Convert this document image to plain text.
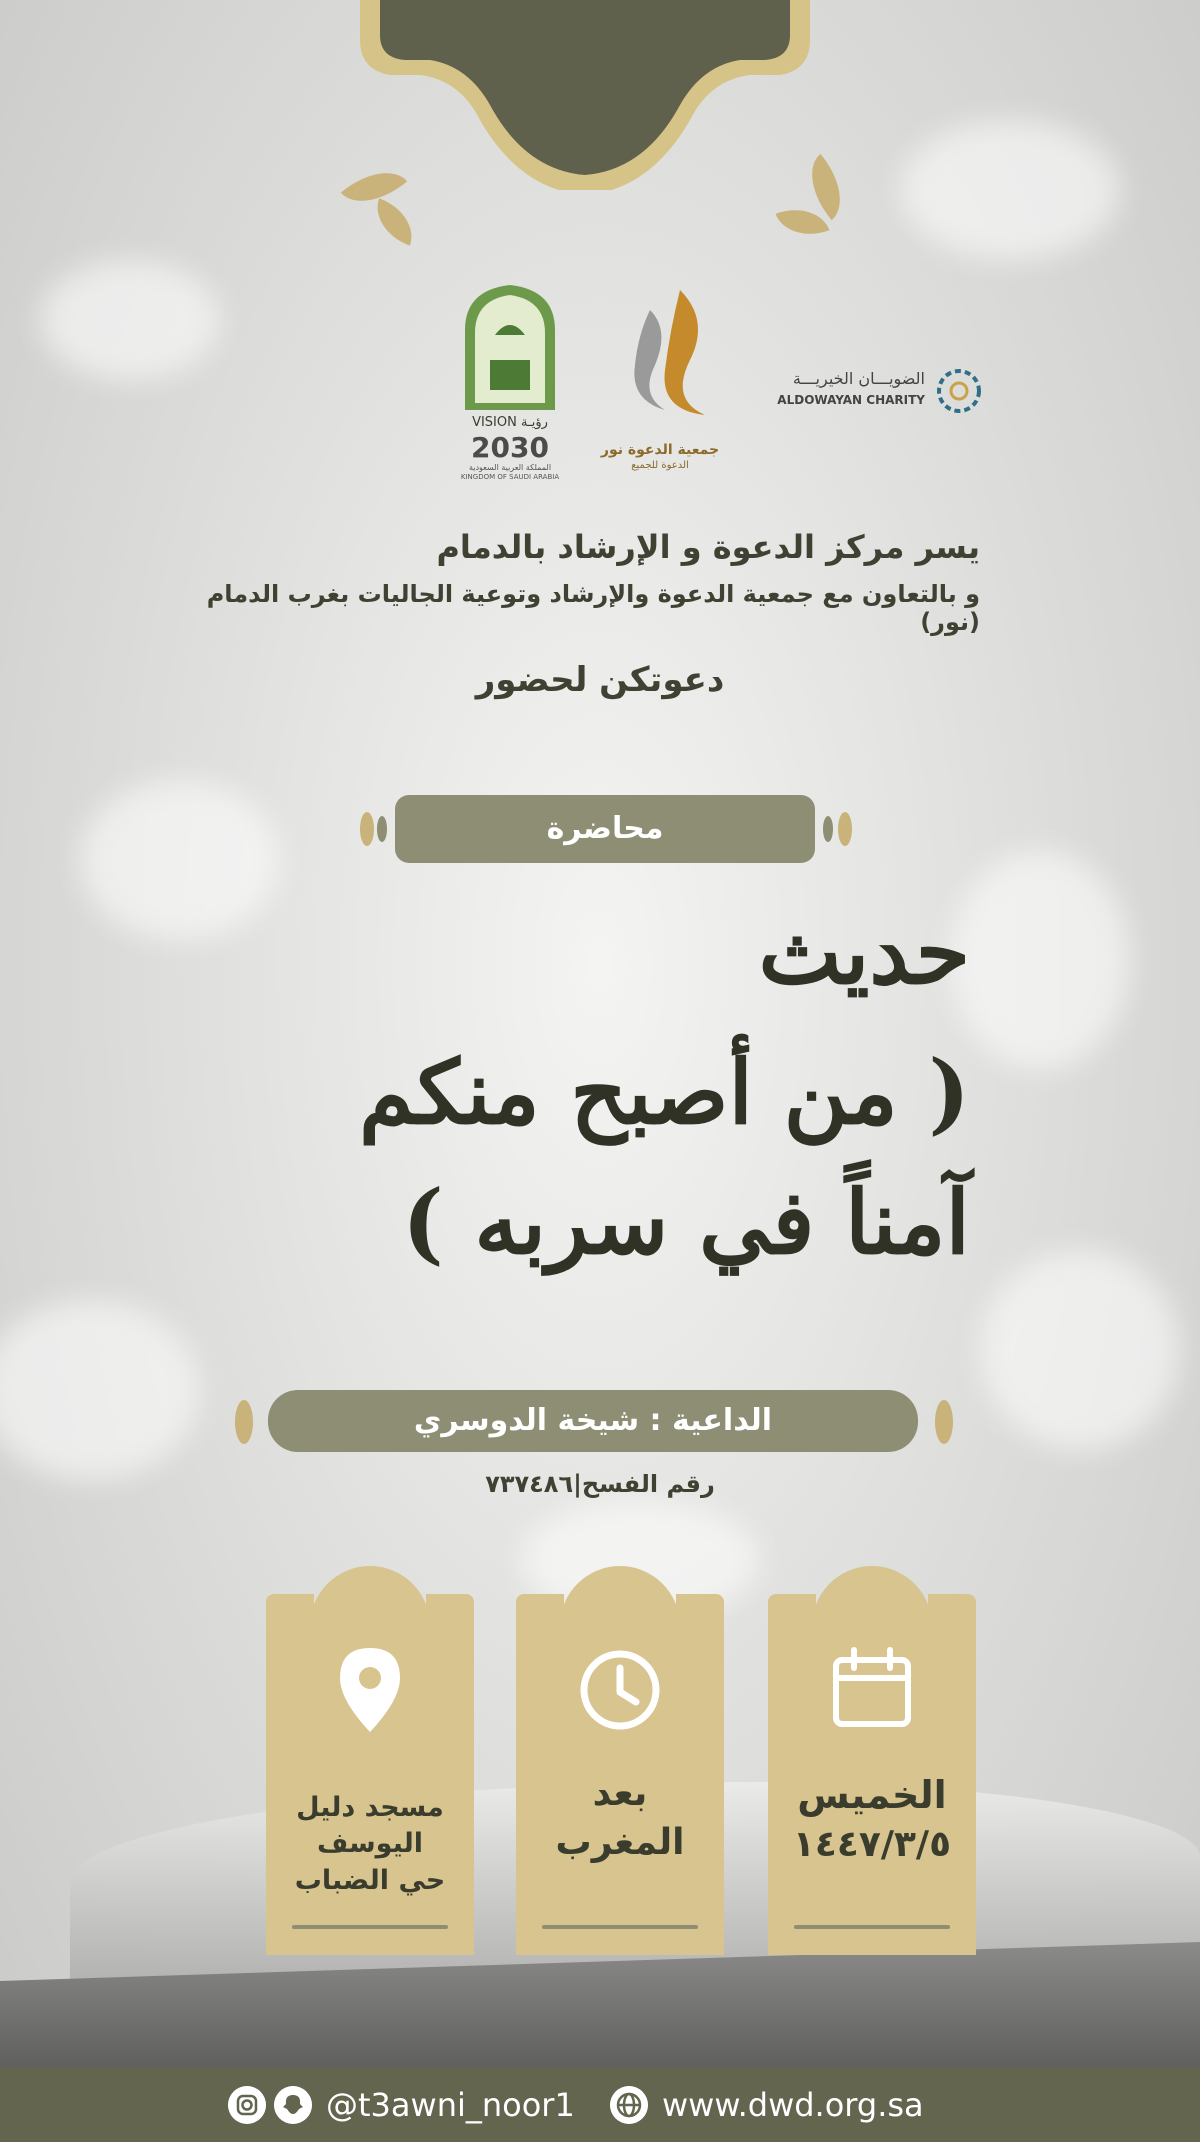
VISION رؤيـة
2030
المملكة العربية السعودية
KINGDOM OF SAUDI ARABIA
جمعية الدعوة نور
الدعوة للجميع
الضويـــان الخيريـــة
ALDOWAYAN CHARITY
يسر مركز الدعوة و الإرشاد بالدمام
و بالتعاون مع جمعية الدعوة والإرشاد وتوعية الجاليات بغرب الدمام (نور)
دعوتكن لحضور
محاضرة
حديث
( من أصبح منكم
آمناً في سربه )
الداعية : شيخة الدوسري
رقم الفسح|٧٣٧٤٨٦
الخميس
١٤٤٧/٣/٥
بعد
المغرب
مسجد دليل
اليوسف
حي الضباب
@t3awni_noor1	www.dwd.org.sa
